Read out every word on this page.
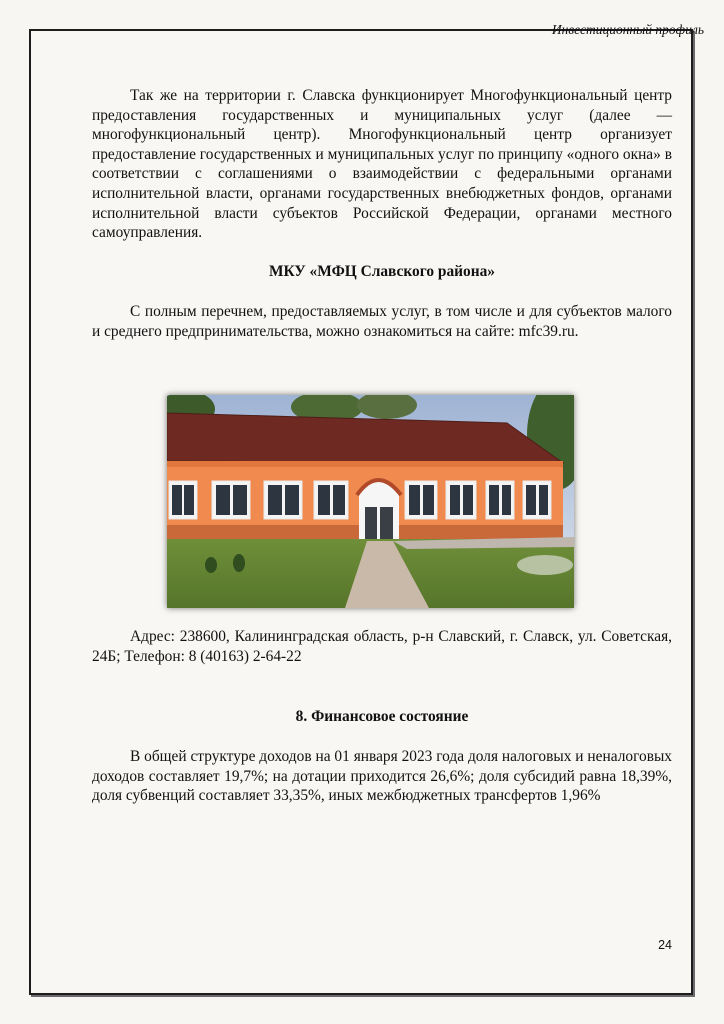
Инвестиционный профиль

Так же на территории г. Славска функционирует Многофункциональный центр предоставления государственных и муниципальных услуг (далее — многофункциональный центр). Многофункциональный центр организует предоставление государственных и муниципальных услуг по принципу «одного окна» в соответствии с соглашениями о взаимодействии с федеральными органами исполнительной власти, органами государственных внебюджетных фондов, органами исполнительной власти субъектов Российской Федерации, органами местного самоуправления.

МКУ «МФЦ Славского района»

С полным перечнем, предоставляемых услуг, в том числе и для субъектов малого и среднего предпринимательства, можно ознакомиться на сайте: mfc39.ru.

Адрес: 238600, Калининградская область, р-н Славский, г. Славск, ул. Советская, 24Б; Телефон: 8 (40163) 2-64-22

8. Финансовое состояние

В общей структуре доходов на 01 января 2023 года доля налоговых и неналоговых доходов составляет 19,7%; на дотации приходится 26,6%; доля субсидий равна 18,39%, доля субвенций составляет 33,35%, иных межбюджетных трансфертов 1,96%

24
